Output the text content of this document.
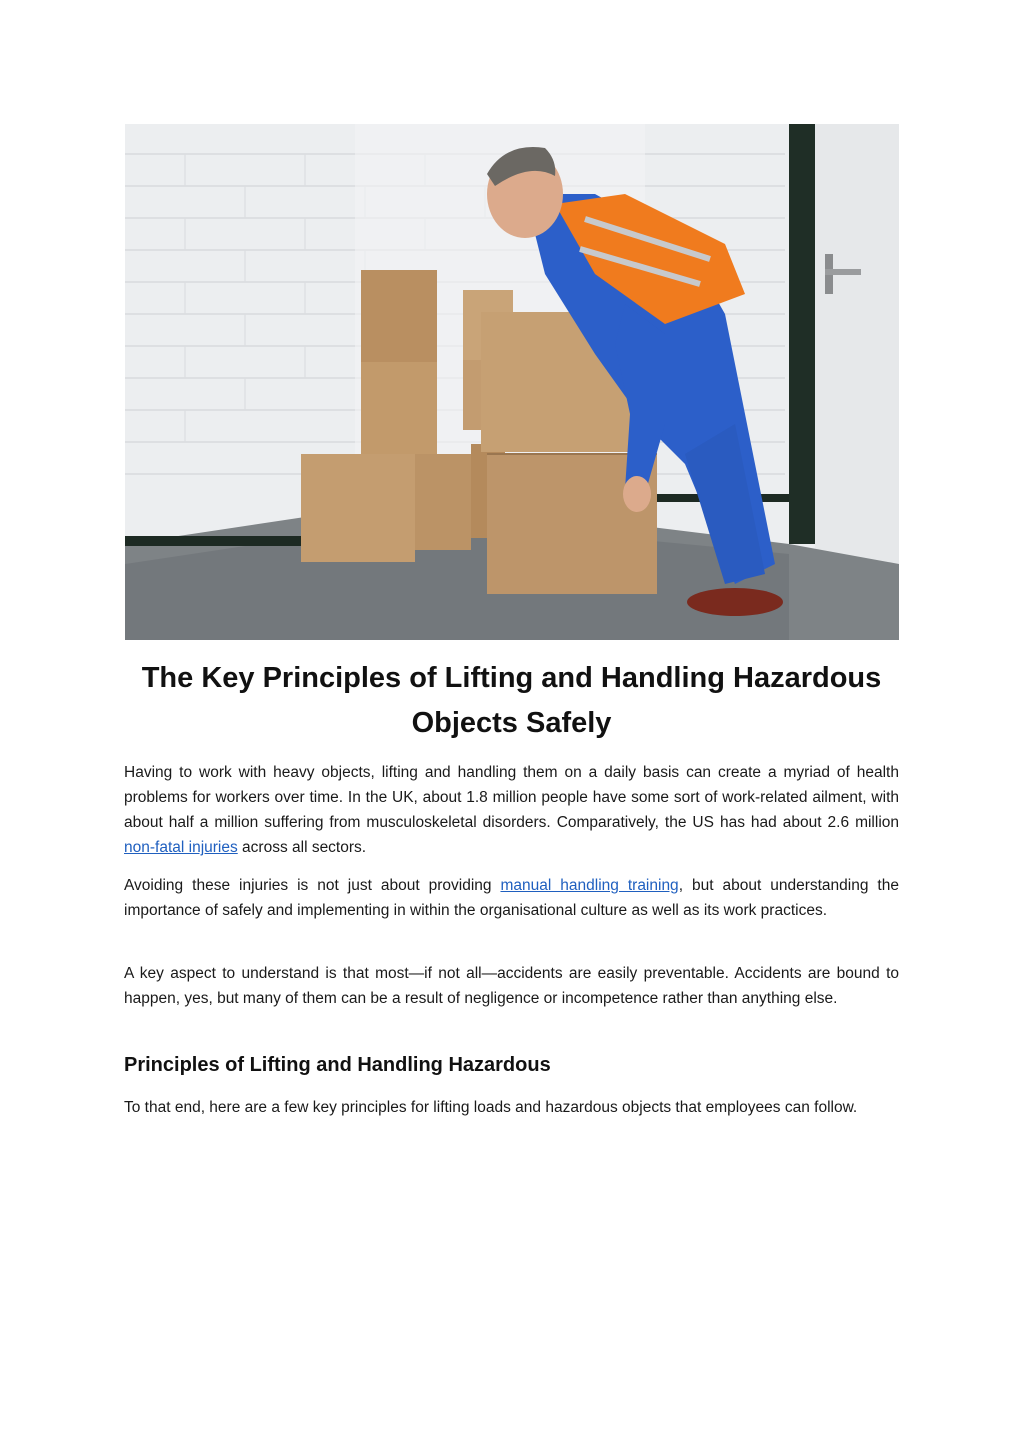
The Key Principles of Lifting and Handling Hazardous Objects Safely

Having to work with heavy objects, lifting and handling them on a daily basis can create a myriad of health problems for workers over time. In the UK, about 1.8 million people have some sort of work-related ailment, with about half a million suffering from musculoskeletal disorders. Comparatively, the US has had about 2.6 million non-fatal injuries across all sectors.

Avoiding these injuries is not just about providing manual handling training, but about understanding the importance of safely and implementing in within the organisational culture as well as its work practices.

A key aspect to understand is that most—if not all—accidents are easily preventable. Accidents are bound to happen, yes, but many of them can be a result of negligence or incompetence rather than anything else.

Principles of Lifting and Handling Hazardous

To that end, here are a few key principles for lifting loads and hazardous objects that employees can follow.
